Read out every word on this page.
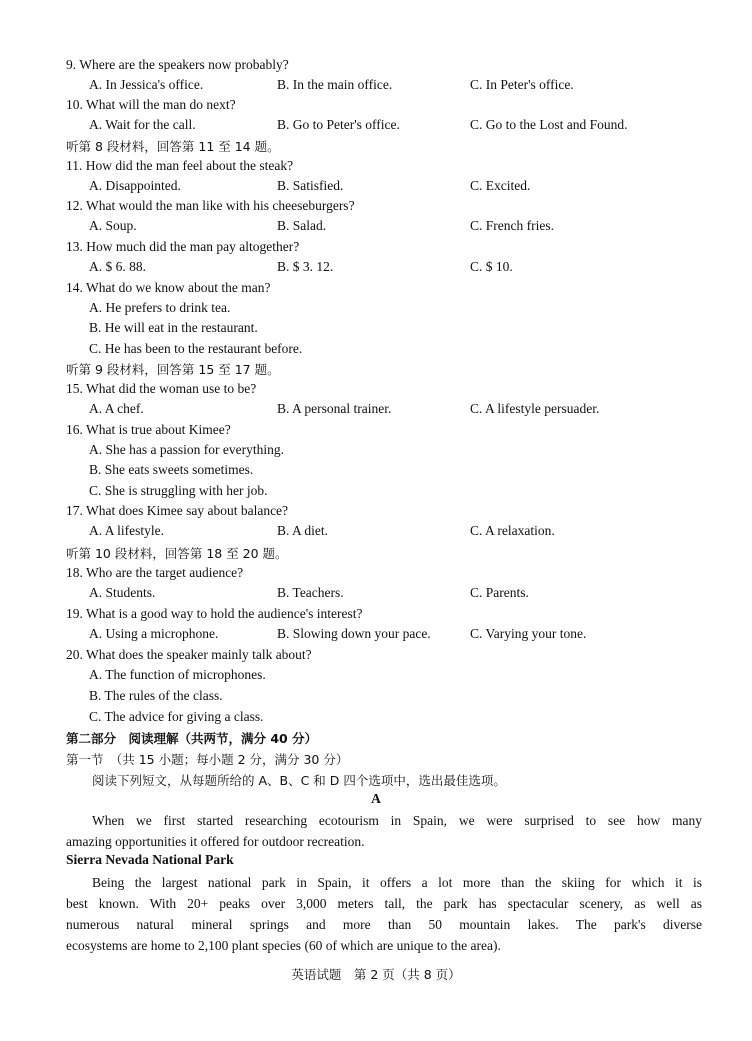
9. Where are the speakers now probably?
A. In Jessica's office.	B. In the main office.	C. In Peter's office.
10. What will the man do next?
A. Wait for the call.	B. Go to Peter's office.	C. Go to the Lost and Found.
听第 8 段材料，回答第 11 至 14 题。
11. How did the man feel about the steak?
A. Disappointed.	B. Satisfied.	C. Excited.
12. What would the man like with his cheeseburgers?
A. Soup.	B. Salad.	C. French fries.
13. How much did the man pay altogether?
A. $ 6. 88.	B. $ 3. 12.	C. $ 10.
14. What do we know about the man?
A. He prefers to drink tea.
B. He will eat in the restaurant.
C. He has been to the restaurant before.
听第 9 段材料，回答第 15 至 17 题。
15. What did the woman use to be?
A. A chef.	B. A personal trainer.	C. A lifestyle persuader.
16. What is true about Kimee?
A. She has a passion for everything.
B. She eats sweets sometimes.
C. She is struggling with her job.
17. What does Kimee say about balance?
A. A lifestyle.	B. A diet.	C. A relaxation.
听第 10 段材料，回答第 18 至 20 题。
18. Who are the target audience?
A. Students.	B. Teachers.	C. Parents.
19. What is a good way to hold the audience's interest?
A. Using a microphone.	B. Slowing down your pace.	C. Varying your tone.
20. What does the speaker mainly talk about?
A. The function of microphones.
B. The rules of the class.
C. The advice for giving a class.
第二部分　阅读理解（共两节，满分 40 分）
第一节　（共 15 小题；每小题 2 分，满分 30 分）
阅读下列短文，从每题所给的 A、B、C 和 D 四个选项中，选出最佳选项。
A
When we first started researching ecotourism in Spain, we were surprised to see how many
amazing opportunities it offered for outdoor recreation.
Sierra Nevada National Park
Being the largest national park in Spain, it offers a lot more than the skiing for which it is
best known. With 20+ peaks over 3,000 meters tall, the park has spectacular scenery, as well as
numerous natural mineral springs and more than 50 mountain lakes. The park's diverse
ecosystems are home to 2,100 plant species (60 of which are unique to the area).
英语试题　第 2 页（共 8 页）
